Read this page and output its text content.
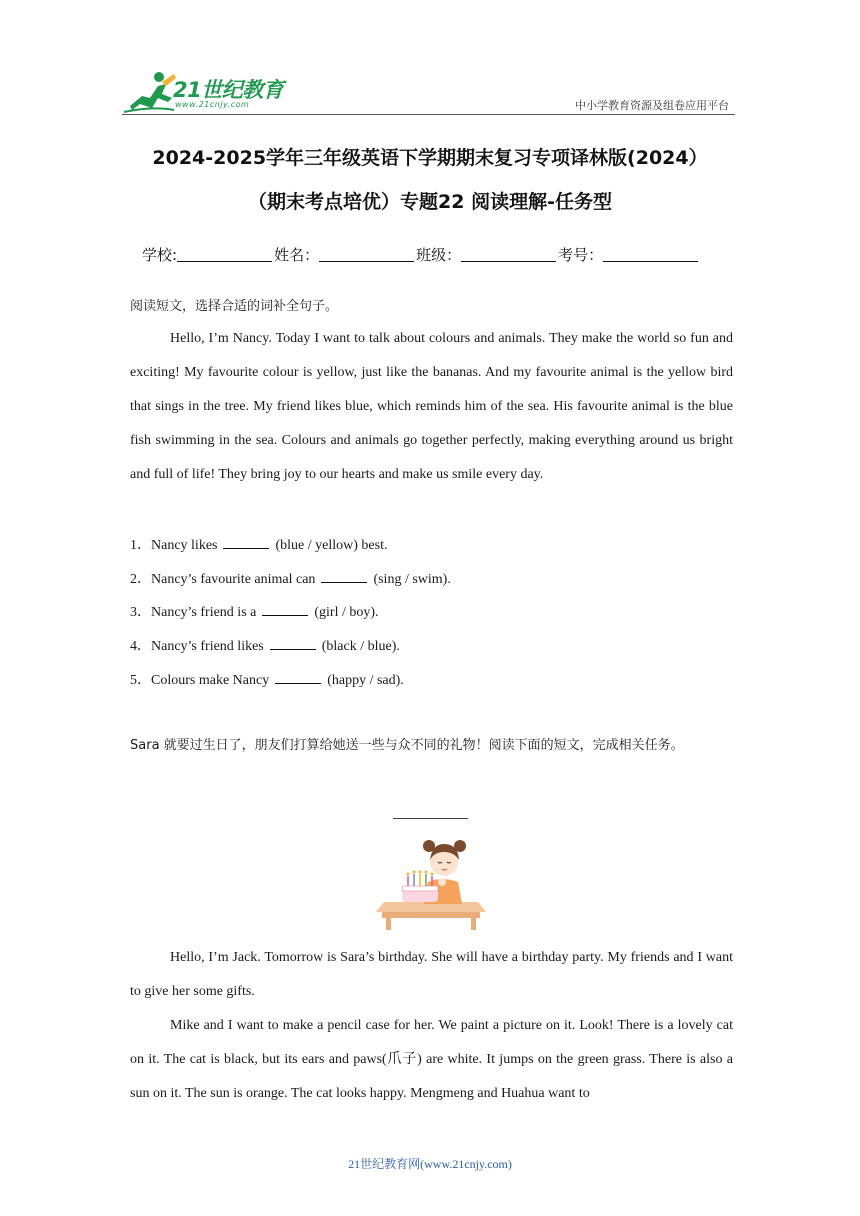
21世纪教育
www.21cnjy.com	中小学教育资源及组卷应用平台
2024-2025学年三年级英语下学期期末复习专项译林版(2024）
（期末考点培优）专题22 阅读理解-任务型
学校:	姓名：	班级：	考号：
阅读短文，选择合适的词补全句子。
Hello, I’m Nancy. Today I want to talk about colours and animals. They make the world so fun and exciting! My favourite colour is yellow, just like the bananas. And my favourite animal is the yellow bird that sings in the tree. My friend likes blue, which reminds him of the sea. His favourite animal is the blue fish swimming in the sea. Colours and animals go together perfectly, making everything around us bright and full of life! They bring joy to our hearts and make us smile every day.
1．Nancy likes	(blue / yellow) best.
2．Nancy’s favourite animal can	(sing / swim).
3．Nancy’s friend is a	(girl / boy).
4．Nancy’s friend likes	(black / blue).
5．Colours make Nancy	(happy / sad).
Sara 就要过生日了，朋友们打算给她送一些与众不同的礼物！阅读下面的短文，完成相关任务。
Hello, I’m Jack. Tomorrow is Sara’s birthday. She will have a birthday party. My friends and I want to give her some gifts.
Mike and I want to make a pencil case for her. We paint a picture on it. Look! There is a lovely cat on it. The cat is black, but its ears and paws(爪子) are white. It jumps on the green grass. There is also a sun on it. The sun is orange. The cat looks happy. Mengmeng and Huahua want to
21世纪教育网(www.21cnjy.com)
